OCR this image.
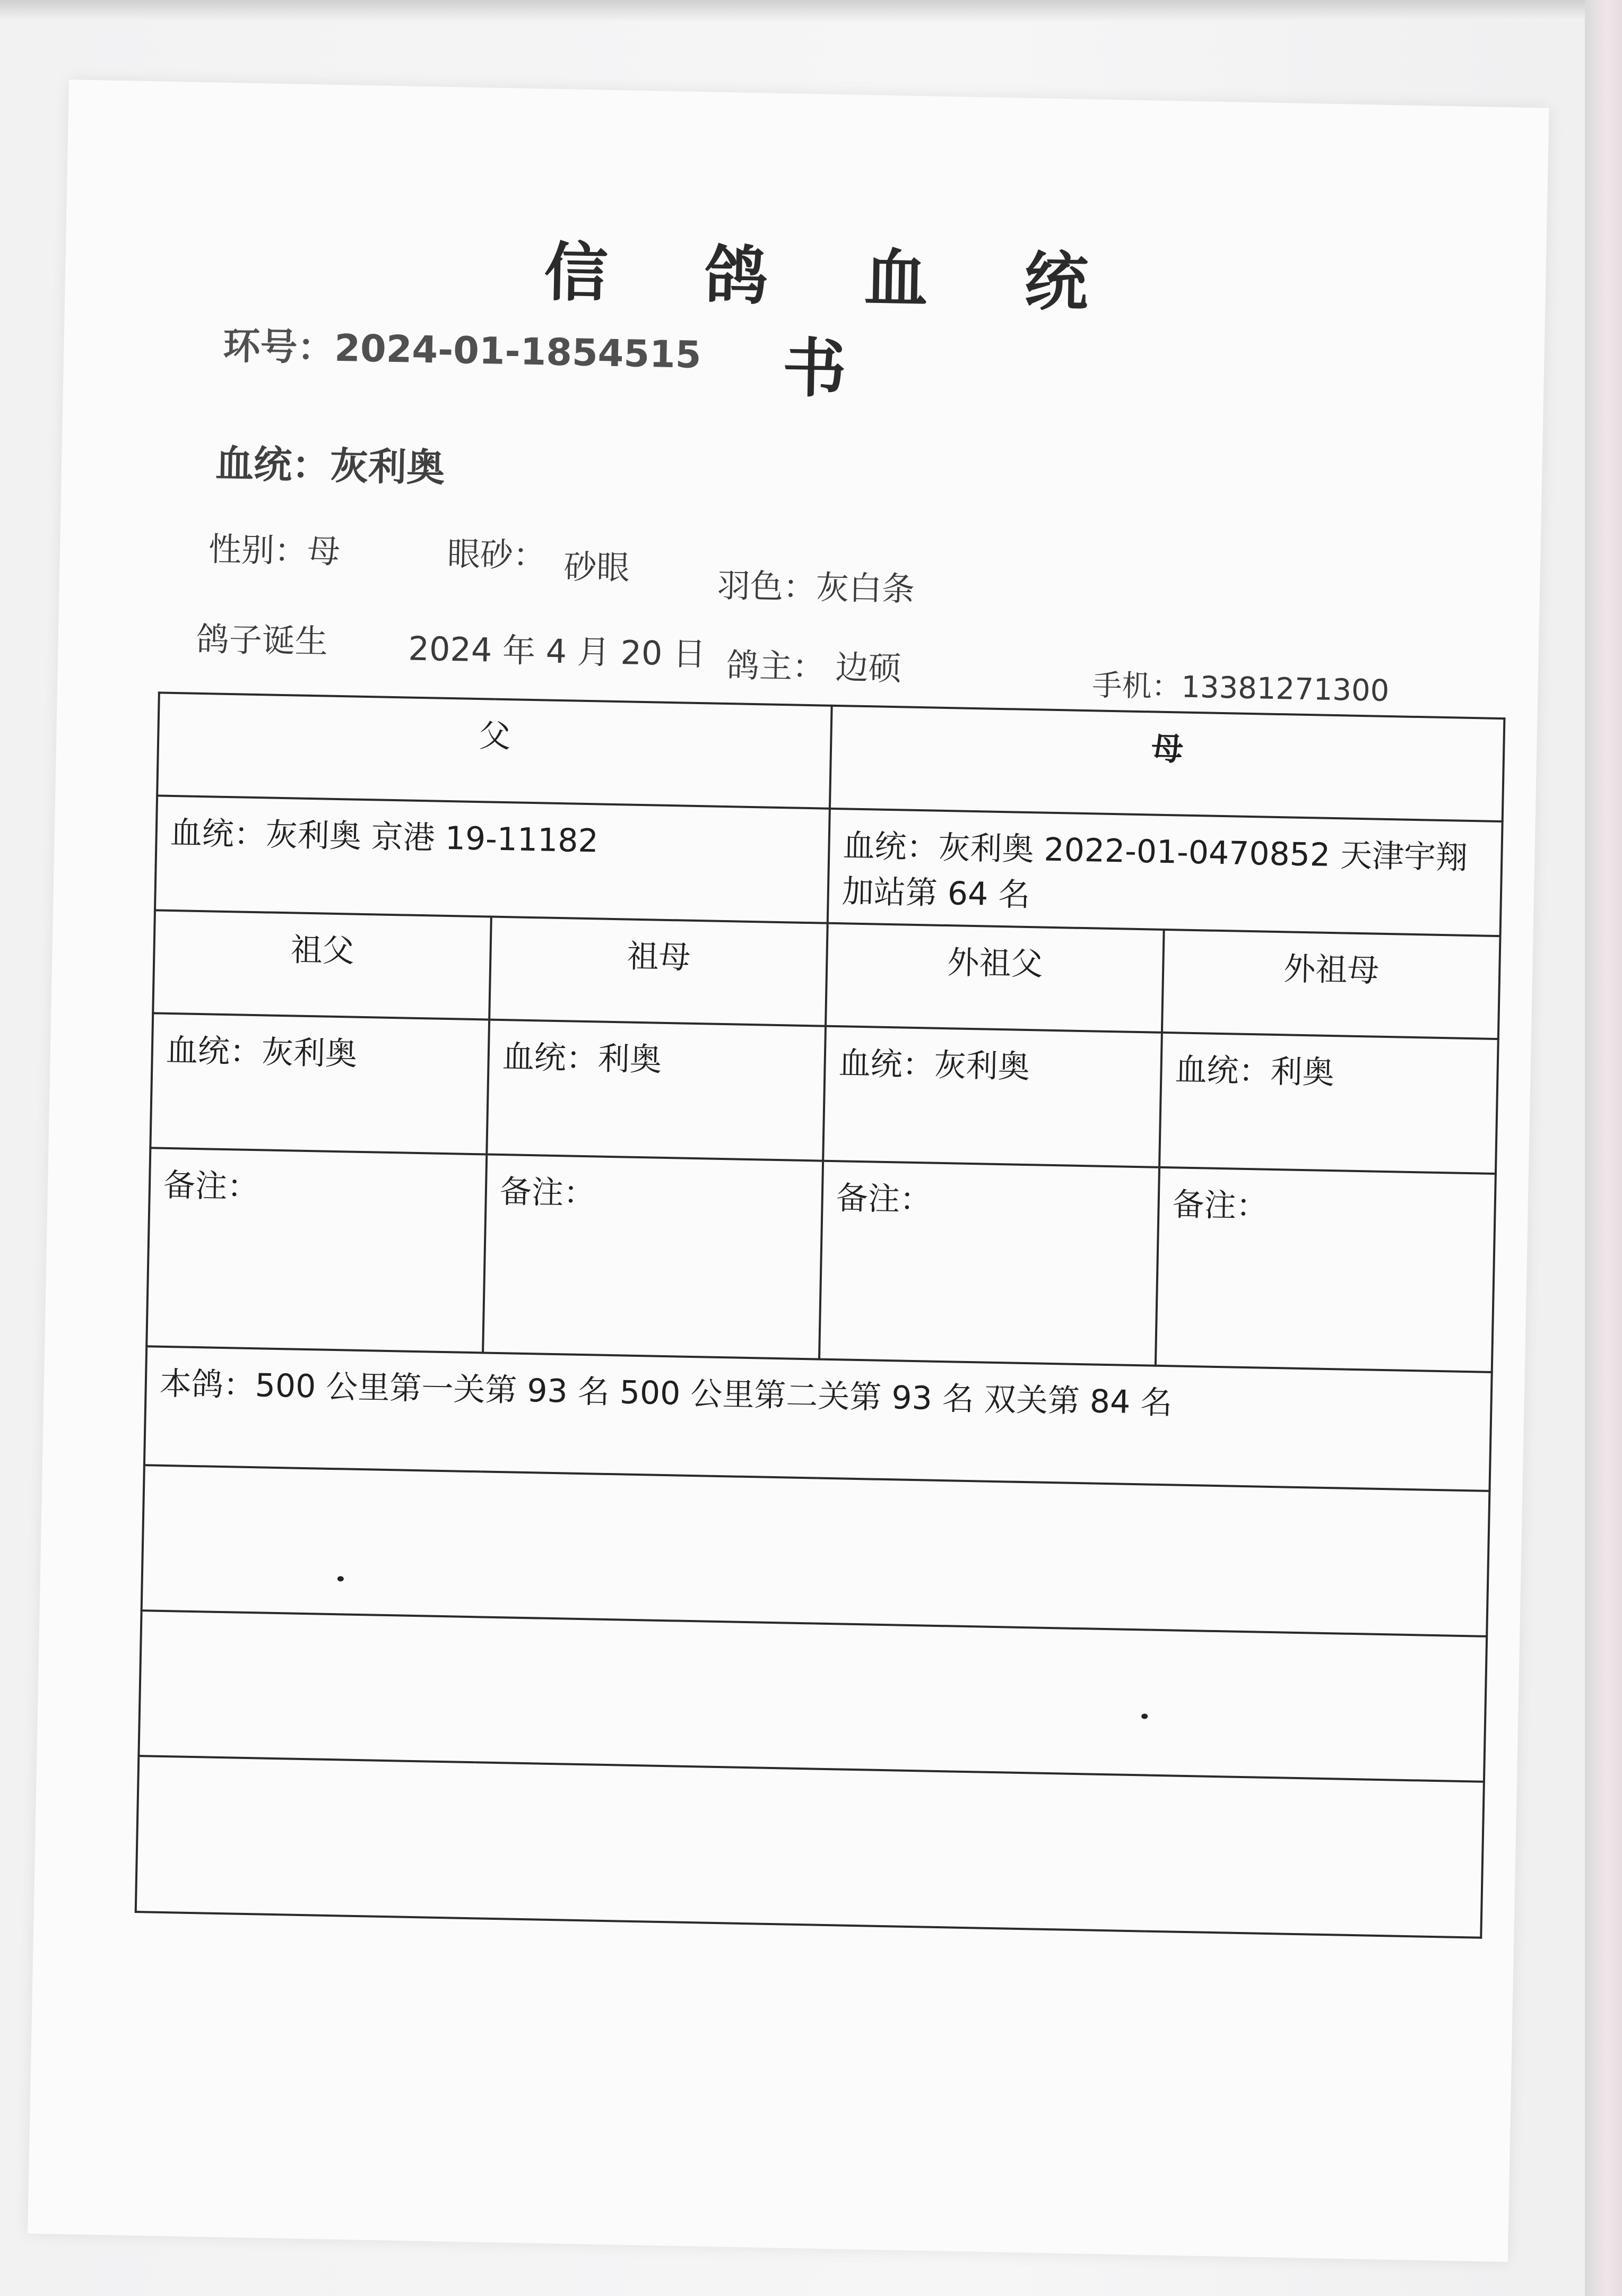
信 鸽 血 统 书
环号：2024-01-1854515
血统：灰利奥
性别：母	眼砂： 砂眼	羽色：灰白条
鸽子诞生 2024 年 4 月 20 日 鸽主： 边硕
手机：13381271300
父		母	
血统：灰利奥 京港 19-11182		血统：灰利奥 2022-01-0470852 天津宇翔加站第 64 名	
祖父	祖母	外祖父	外祖母
血统：灰利奥	血统：利奥	血统：灰利奥	血统：利奥
备注：	备注：	备注：	备注：
本鸽：500 公里第一关第 93 名 500 公里第二关第 93 名 双关第 84 名			
